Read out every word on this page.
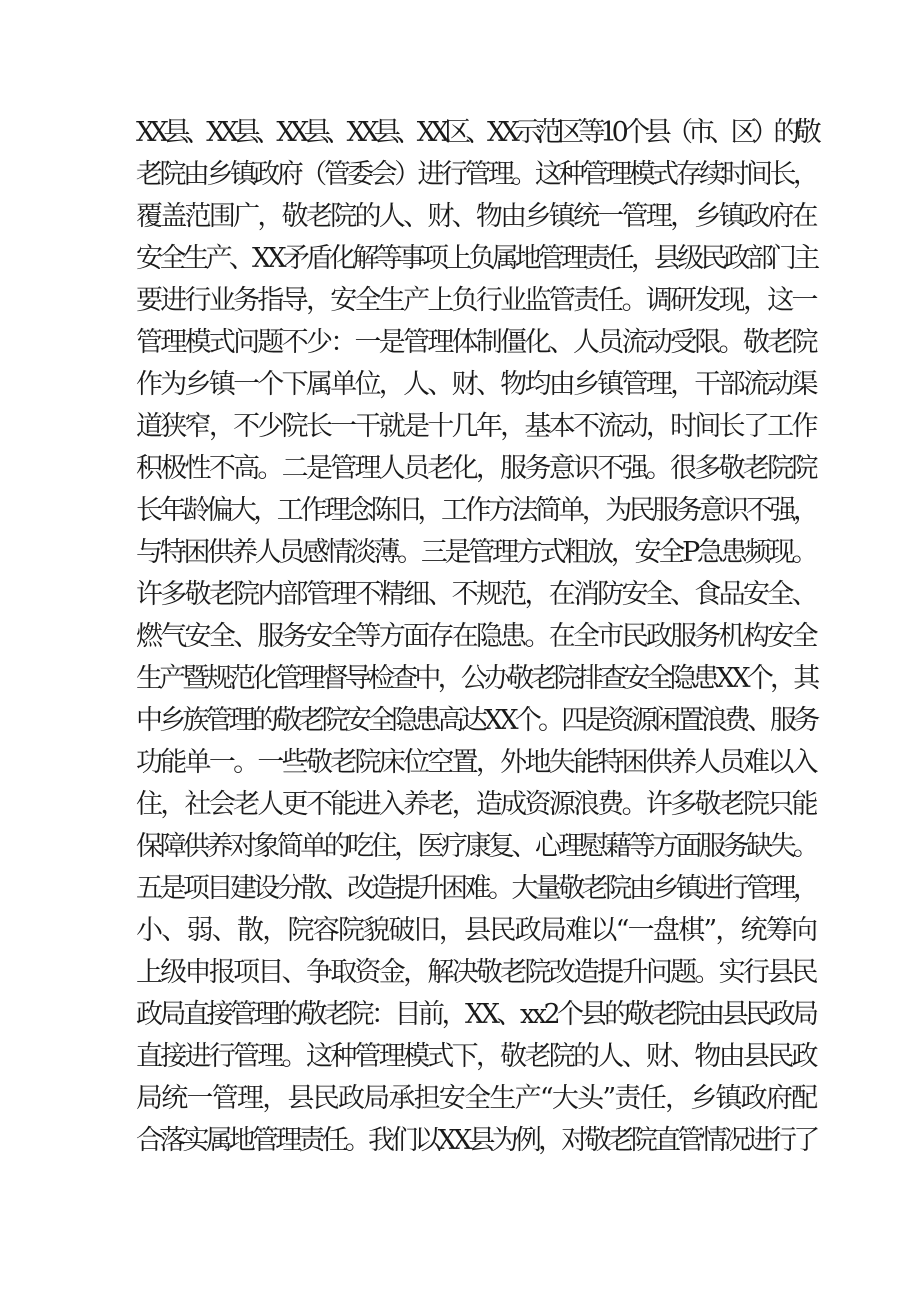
XX县、XX县、XX县、XX县、XX区、XX示范区等10个县（市、区）的敬
老院由乡镇政府（管委会）进行管理。这种管理模式存续时间长，
覆盖范围广，敬老院的人、财、物由乡镇统一管理，乡镇政府在
安全生产、XX矛盾化解等事项上负属地管理责任，县级民政部门主
要进行业务指导，安全生产上负行业监管责任。调研发现，这一
管理模式问题不少：一是管理体制僵化、人员流动受限。敬老院
作为乡镇一个下属单位，人、财、物均由乡镇管理，干部流动渠
道狭窄，不少院长一干就是十几年，基本不流动，时间长了工作
积极性不高。二是管理人员老化，服务意识不强。很多敬老院院
长年龄偏大，工作理念陈旧，工作方法简单，为民服务意识不强，
与特困供养人员感情淡薄。三是管理方式粗放，安全P急患频现。
许多敬老院内部管理不精细、不规范，在消防安全、食品安全、
燃气安全、服务安全等方面存在隐患。在全市民政服务机构安全
生产暨规范化管理督导检查中，公办敬老院排查安全隐患XX个，其
中乡族管理的敬老院安全隐患高达XX个。四是资源闲置浪费、服务
功能单一。一些敬老院床位空置，外地失能特困供养人员难以入
住，社会老人更不能进入养老，造成资源浪费。许多敬老院只能
保障供养对象简单的吃住，医疗康复、心理慰藉等方面服务缺失。
五是项目建设分散、改造提升困难。大量敬老院由乡镇进行管理，
小、弱、散，院容院貌破旧，县民政局难以“一盘棋”，统筹向
上级申报项目、争取资金，解决敬老院改造提升问题。实行县民
政局直接管理的敬老院：目前，XX、xx2个县的敬老院由县民政局
直接进行管理。这种管理模式下，敬老院的人、财、物由县民政
局统一管理，县民政局承担安全生产“大头”责任，乡镇政府配
合落实属地管理责任。我们以XX县为例，对敬老院直管情况进行了
